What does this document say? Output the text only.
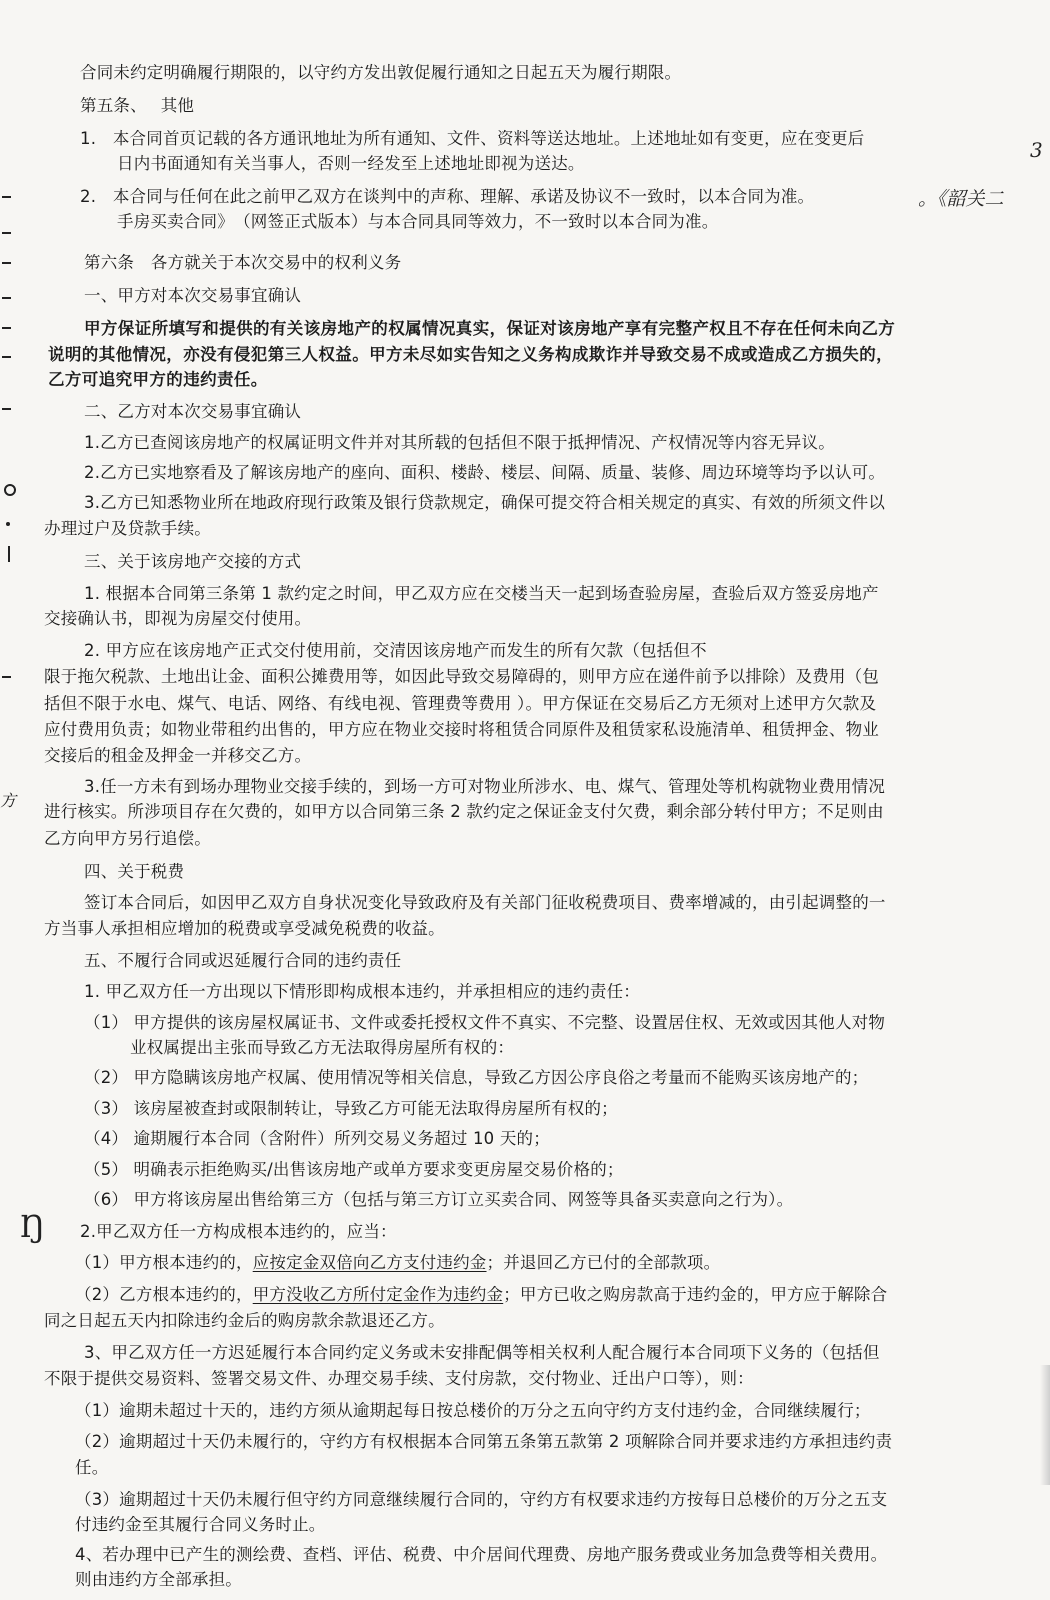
合同未约定明确履行期限的，以守约方发出敦促履行通知之日起五天为履行期限。
第五条、　 其他
1.　本合同首页记载的各方通讯地址为所有通知、文件、资料等送达地址。上述地址如有变更，应在变更后
日内书面通知有关当事人，否则一经发至上述地址即视为送达。
2.　本合同与任何在此之前甲乙双方在谈判中的声称、理解、承诺及协议不一致时，以本合同为准。	。《韶关二
手房买卖合同》　（网签正式版本）与本合同具同等效力，不一致时以本合同为准。
第六条　各方就关于本次交易中的权利义务
一、甲方对本次交易事宜确认
甲方保证所填写和提供的有关该房地产的权属情况真实，保证对该房地产享有完整产权且不存在任何未向乙方
说明的其他情况，亦没有侵犯第三人权益。甲方未尽如实告知之义务构成欺诈并导致交易不成或造成乙方损失的，
乙方可追究甲方的违约责任。
二、乙方对本次交易事宜确认
1.乙方已查阅该房地产的权属证明文件并对其所载的包括但不限于抵押情况、产权情况等内容无异议。
2.乙方已实地察看及了解该房地产的座向、面积、楼龄、楼层、间隔、质量、装修、周边环境等均予以认可。
3.乙方已知悉物业所在地政府现行政策及银行贷款规定，确保可提交符合相关规定的真实、有效的所须文件以
办理过户及贷款手续。
三、关于该房地产交接的方式
1. 根据本合同第三条第 1 款约定之时间，甲乙双方应在交楼当天一起到场查验房屋，查验后双方签妥房地产
交接确认书，即视为房屋交付使用。
2. 甲方应在该房地产正式交付使用前，交清因该房地产而发生的所有欠款（包括但不
限于拖欠税款、土地出让金、面积公摊费用等，如因此导致交易障碍的，则甲方应在递件前予以排除）及费用（包
括但不限于水电、煤气、电话、网络、有线电视、管理费等费用 ）。甲方保证在交易后乙方无须对上述甲方欠款及
应付费用负责；如物业带租约出售的，甲方应在物业交接时将租赁合同原件及租赁家私设施清单、租赁押金、物业
交接后的租金及押金一并移交乙方。
3.任一方未有到场办理物业交接手续的，到场一方可对物业所涉水、电、煤气、管理处等机构就物业费用情况
进行核实。所涉项目存在欠费的，如甲方以合同第三条 2 款约定之保证金支付欠费，剩余部分转付甲方；不足则由
乙方向甲方另行追偿。
四、关于税费
签订本合同后，如因甲乙双方自身状况变化导致政府及有关部门征收税费项目、费率增减的，由引起调整的一
方当事人承担相应增加的税费或享受减免税费的收益。
五、不履行合同或迟延履行合同的违约责任
1. 甲乙双方任一方出现以下情形即构成根本违约，并承担相应的违约责任：
（1） 甲方提供的该房屋权属证书、文件或委托授权文件不真实、不完整、设置居住权、无效或因其他人对物
业权属提出主张而导致乙方无法取得房屋所有权的：
（2） 甲方隐瞒该房地产权属、使用情况等相关信息，导致乙方因公序良俗之考量而不能购买该房地产的；
（3） 该房屋被查封或限制转让，导致乙方可能无法取得房屋所有权的；
（4） 逾期履行本合同（含附件）所列交易义务超过 10 天的；
（5） 明确表示拒绝购买/出售该房地产或单方要求变更房屋交易价格的；
（6） 甲方将该房屋出售给第三方（包括与第三方订立买卖合同、网签等具备买卖意向之行为）。
2.甲乙双方任一方构成根本违约的，应当：
（1）甲方根本违约的，应按定金双倍向乙方支付违约金；并退回乙方已付的全部款项。
（2）乙方根本违约的，甲方没收乙方所付定金作为违约金；甲方已收之购房款高于违约金的，甲方应于解除合
同之日起五天内扣除违约金后的购房款余款退还乙方。
3、甲乙双方任一方迟延履行本合同约定义务或未安排配偶等相关权利人配合履行本合同项下义务的（包括但
不限于提供交易资料、签署交易文件、办理交易手续、支付房款，交付物业、迁出户口等），则：
（1）逾期未超过十天的，违约方须从逾期起每日按总楼价的万分之五向守约方支付违约金，合同继续履行；
（2）逾期超过十天仍未履行的，守约方有权根据本合同第五条第五款第 2 项解除合同并要求违约方承担违约责
任。
（3）逾期超过十天仍未履行但守约方同意继续履行合同的，守约方有权要求违约方按每日总楼价的万分之五支
付违约金至其履行合同义务时止。
4、若办理中已产生的测绘费、查档、评估、税费、中介居间代理费、房地产服务费或业务加急费等相关费用。
则由违约方全部承担。
3
方
Ŋ
